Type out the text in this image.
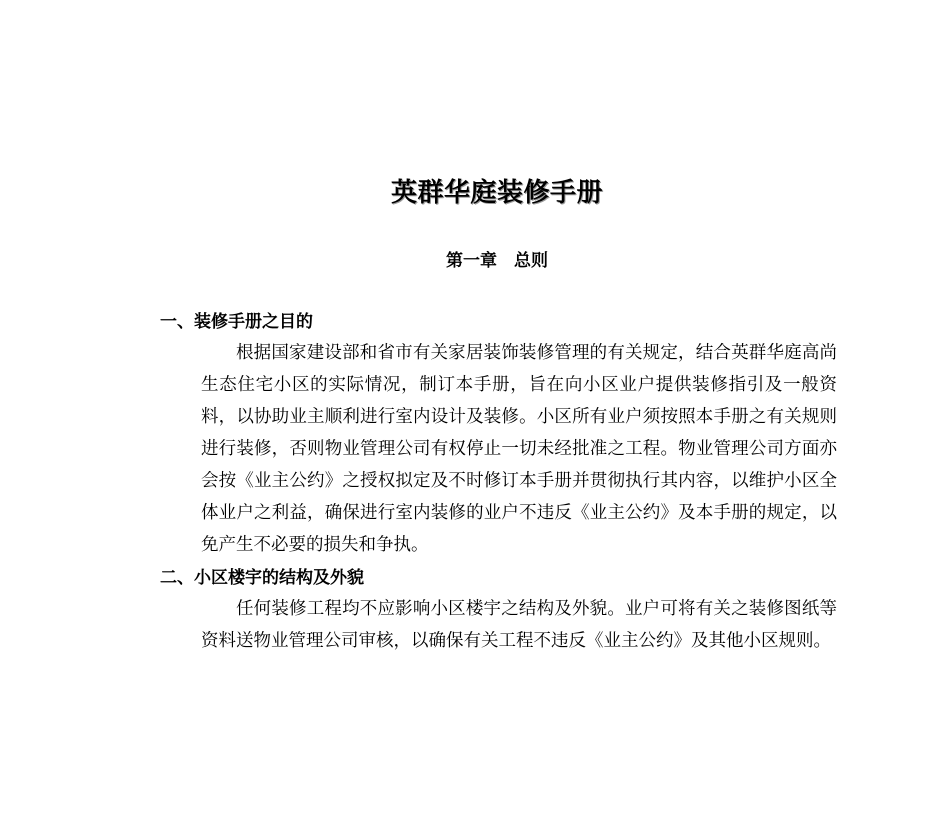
英群华庭装修手册
第一章　总则
一、装修手册之目的

根据国家建设部和省市有关家居装饰装修管理的有关规定，结合英群华庭高尚生态住宅小区的实际情况，制订本手册，旨在向小区业户提供装修指引及一般资料，以协助业主顺利进行室内设计及装修。小区所有业户须按照本手册之有关规则进行装修，否则物业管理公司有权停止一切未经批准之工程。物业管理公司方面亦会按《业主公约》之授权拟定及不时修订本手册并贯彻执行其内容，以维护小区全体业户之利益，确保进行室内装修的业户不违反《业主公约》及本手册的规定，以免产生不必要的损失和争执。

二、小区楼宇的结构及外貌

任何装修工程均不应影响小区楼宇之结构及外貌。业户可将有关之装修图纸等资料送物业管理公司审核，以确保有关工程不违反《业主公约》及其他小区规则。
